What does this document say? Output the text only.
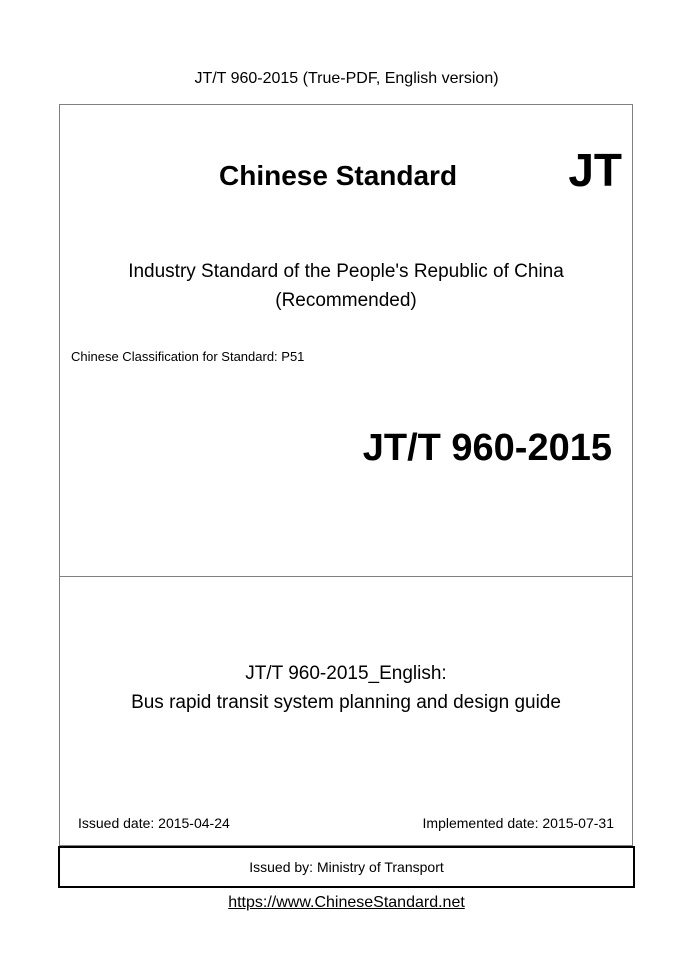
JT/T 960-2015 (True-PDF, English version)
Chinese Standard JT
Industry Standard of the People's Republic of China
(Recommended)
Chinese Classification for Standard: P51
JT/T 960-2015
JT/T 960-2015_English:
Bus rapid transit system planning and design guide
Issued date: 2015-04-24	Implemented date: 2015-07-31
Issued by: Ministry of Transport
https://www.ChineseStandard.net
